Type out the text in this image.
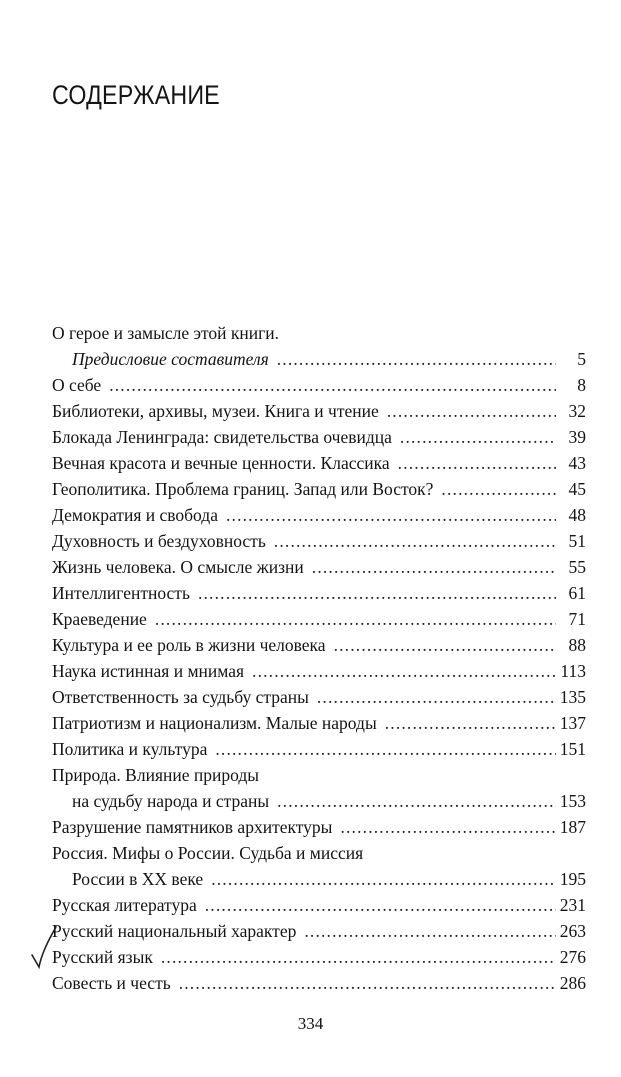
СОДЕРЖАНИЕ
О герое и замысле этой книги.
Предисловие составителя . . .	5
О себе . . .	8
Библиотеки, архивы, музеи. Книга и чтение . . .	32
Блокада Ленинграда: свидетельства очевидца . . .	39
Вечная красота и вечные ценности. Классика . . .	43
Геополитика. Проблема границ. Запад или Восток? . . .	45
Демократия и свобода . . .	48
Духовность и бездуховность . . .	51
Жизнь человека. О смысле жизни . . .	55
Интеллигентность . . .	61
Краеведение . . .	71
Культура и ее роль в жизни человека . . .	88
Наука истинная и мнимая . . .	113
Ответственность за судьбу страны . . .	135
Патриотизм и национализм. Малые народы . . .	137
Политика и культура . . .	151
Природа. Влияние природы
на судьбу народа и страны . . .	153
Разрушение памятников архитектуры . . .	187
Россия. Мифы о России. Судьба и миссия
России в XX веке . . .	195
Русская литература . . .	231
Русский национальный характер . . .	263
Русский язык . . .	276
Совесть и честь . . .	286
334
